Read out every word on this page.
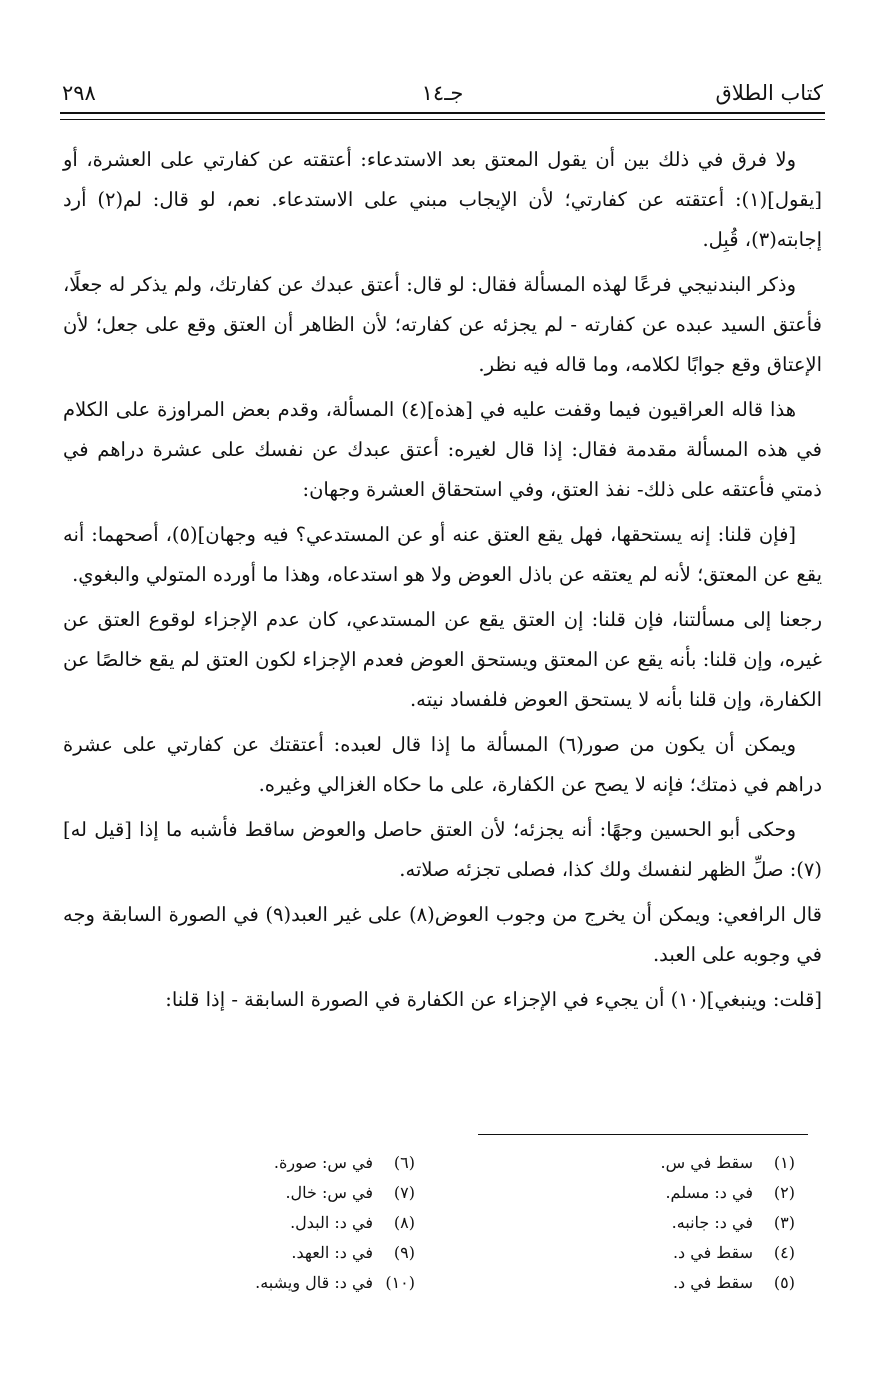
٢٩٨	جـ١٤	كتاب الطلاق

ولا فرق في ذلك بين أن يقول المعتق بعد الاستدعاء: أعتقته عن كفارتي على العشرة، أو [يقول](١): أعتقته عن كفارتي؛ لأن الإيجاب مبني على الاستدعاء. نعم، لو قال: لم(٢) أرد إجابته(٣)، قُبِل.

وذكر البندنيجي فرعًا لهذه المسألة فقال: لو قال: أعتق عبدك عن كفارتك، ولم يذكر له جعلًا، فأعتق السيد عبده عن كفارته - لم يجزئه عن كفارته؛ لأن الظاهر أن العتق وقع على جعل؛ لأن الإعتاق وقع جوابًا لكلامه، وما قاله فيه نظر.

هذا قاله العراقيون فيما وقفت عليه في [هذه](٤) المسألة، وقدم بعض المراوزة على الكلام في هذه المسألة مقدمة فقال: إذا قال لغيره: أعتق عبدك عن نفسك على عشرة دراهم في ذمتي فأعتقه على ذلك- نفذ العتق، وفي استحقاق العشرة وجهان:

[فإن قلنا: إنه يستحقها، فهل يقع العتق عنه أو عن المستدعي؟ فيه وجهان](٥)، أصحهما: أنه يقع عن المعتق؛ لأنه لم يعتقه عن باذل العوض ولا هو استدعاه، وهذا ما أورده المتولي والبغوي.

رجعنا إلى مسألتنا، فإن قلنا: إن العتق يقع عن المستدعي، كان عدم الإجزاء لوقوع العتق عن غيره، وإن قلنا: بأنه يقع عن المعتق ويستحق العوض فعدم الإجزاء لكون العتق لم يقع خالصًا عن الكفارة، وإن قلنا بأنه لا يستحق العوض فلفساد نيته.

ويمكن أن يكون من صور(٦) المسألة ما إذا قال لعبده: أعتقتك عن كفارتي على عشرة دراهم في ذمتك؛ فإنه لا يصح عن الكفارة، على ما حكاه الغزالي وغيره.

وحكى أبو الحسين وجهًا: أنه يجزئه؛ لأن العتق حاصل والعوض ساقط فأشبه ما إذا [قيل له](٧): صلِّ الظهر لنفسك ولك كذا، فصلى تجزئه صلاته.

قال الرافعي: ويمكن أن يخرج من وجوب العوض(٨) على غير العبد(٩) في الصورة السابقة وجه في وجوبه على العبد.

[قلت: وينبغي](١٠) أن يجيء في الإجزاء عن الكفارة في الصورة السابقة - إذا قلنا:

(١)سقط في س.
(٢)في د: مسلم.
(٣)في د: جانبه.
(٤)سقط في د.
(٥)سقط في د.
(٦)في س: صورة.
(٧)في س: خال.
(٨)في د: البدل.
(٩)في د: العهد.
(١٠)في د: قال ويشبه.
